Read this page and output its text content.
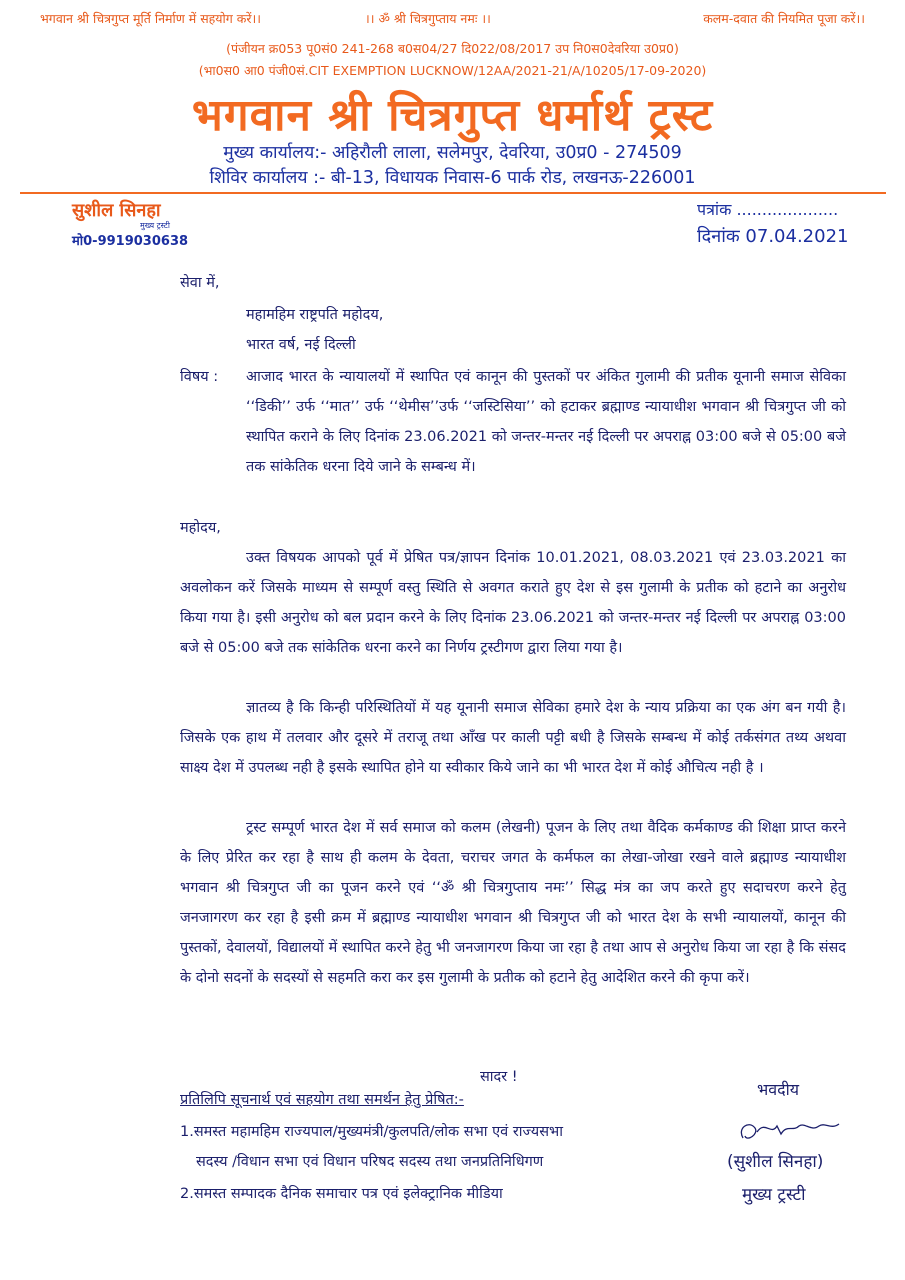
भगवान श्री चित्रगुप्त मूर्ति निर्माण में सहयोग करें।।	।। ॐ श्री चित्रगुप्ताय नमः ।।	कलम-दवात की नियमित पूजा करें।।
(पंजीयन क्र053 पू0सं0 241-268 ब0स04/27 दि022/08/2017 उप नि0स0देवरिया उ0प्र0)
(भा0स0 आ0 पंजी0सं.CIT EXEMPTION LUCKNOW/12AA/2021-21/A/10205/17-09-2020)
भगवान श्री चित्रगुप्त धर्मार्थ ट्रस्ट
मुख्य कार्यालय:- अहिरौली लाला, सलेमपुर, देवरिया, उ0प्र0 - 274509
शिविर कार्यालय :- बी-13, विधायक निवास-6 पार्क रोड, लखनऊ-226001
सुशील सिनहा
मुख्य ट्रस्टी
मो0-9919030638
पत्रांक ....................
दिनांक 07.04.2021
सेवा में,
महामहिम राष्ट्रपति महोदय,
भारत वर्ष, नई दिल्ली
विषय : आजाद भारत के न्यायालयों में स्थापित एवं कानून की पुस्तकों पर अंकित गुलामी की प्रतीक यूनानी समाज सेविका ‘‘डिकी’’ उर्फ ‘‘मात’’ उर्फ ‘‘थेमीस’’उर्फ ‘‘जस्टिसिया’’ को हटाकर ब्रह्माण्ड न्यायाधीश भगवान श्री चित्रगुप्त जी को स्थापित कराने के लिए दिनांक 23.06.2021 को जन्तर-मन्तर नई दिल्ली पर अपराह्न 03:00 बजे से 05:00 बजे तक सांकेतिक धरना दिये जाने के सम्बन्ध में।
महोदय,
उक्त विषयक आपको पूर्व में प्रेषित पत्र/ज्ञापन दिनांक 10.01.2021, 08.03.2021 एवं 23.03.2021 का अवलोकन करें जिसके माध्यम से सम्पूर्ण वस्तु स्थिति से अवगत कराते हुए देश से इस गुलामी के प्रतीक को हटाने का अनुरोध किया गया है। इसी अनुरोध को बल प्रदान करने के लिए दिनांक 23.06.2021 को जन्तर-मन्तर नई दिल्ली पर अपराह्न 03:00 बजे से 05:00 बजे तक सांकेतिक धरना करने का निर्णय ट्रस्टीगण द्वारा लिया गया है।
ज्ञातव्य है कि किन्ही परिस्थितियों में यह यूनानी समाज सेविका हमारे देश के न्याय प्रक्रिया का एक अंग बन गयी है। जिसके एक हाथ में तलवार और दूसरे में तराजू तथा आँख पर काली पट्टी बधी है जिसके सम्बन्ध में कोई तर्कसंगत तथ्य अथवा साक्ष्य देश में उपलब्ध नही है इसके स्थापित होने या स्वीकार किये जाने का भी भारत देश में कोई औचित्य नही है ।
ट्रस्ट सम्पूर्ण भारत देश में सर्व समाज को कलम (लेखनी) पूजन के लिए तथा वैदिक कर्मकाण्ड की शिक्षा प्राप्त करने के लिए प्रेरित कर रहा है साथ ही कलम के देवता, चराचर जगत के कर्मफल का लेखा-जोखा रखने वाले ब्रह्माण्ड न्यायाधीश भगवान श्री चित्रगुप्त जी का पूजन करने एवं ‘‘ॐ श्री चित्रगुप्ताय नमः’’ सिद्ध मंत्र का जप करते हुए सदाचरण करने हेतु जनजागरण कर रहा है इसी क्रम में ब्रह्माण्ड न्यायाधीश भगवान श्री चित्रगुप्त जी को भारत देश के सभी न्यायालयों, कानून की पुस्तकों, देवालयों, विद्यालयों में स्थापित करने हेतु भी जनजागरण किया जा रहा है तथा आप से अनुरोध किया जा रहा है कि संसद के दोनो सदनों के सदस्यों से सहमति करा कर इस गुलामी के प्रतीक को हटाने हेतु आदेशित करने की कृपा करें।
सादर !
प्रतिलिपि सूचनार्थ एवं सहयोग तथा समर्थन हेतु प्रेषित:-
1.समस्त महामहिम राज्यपाल/मुख्यमंत्री/कुलपति/लोक सभा एवं राज्यसभा
सदस्य /विधान सभा एवं विधान परिषद सदस्य तथा जनप्रतिनिधिगण
2.समस्त सम्पादक दैनिक समाचार पत्र एवं इलेक्ट्रानिक मीडिया
भवदीय
(सुशील सिनहा)
मुख्य ट्रस्टी
